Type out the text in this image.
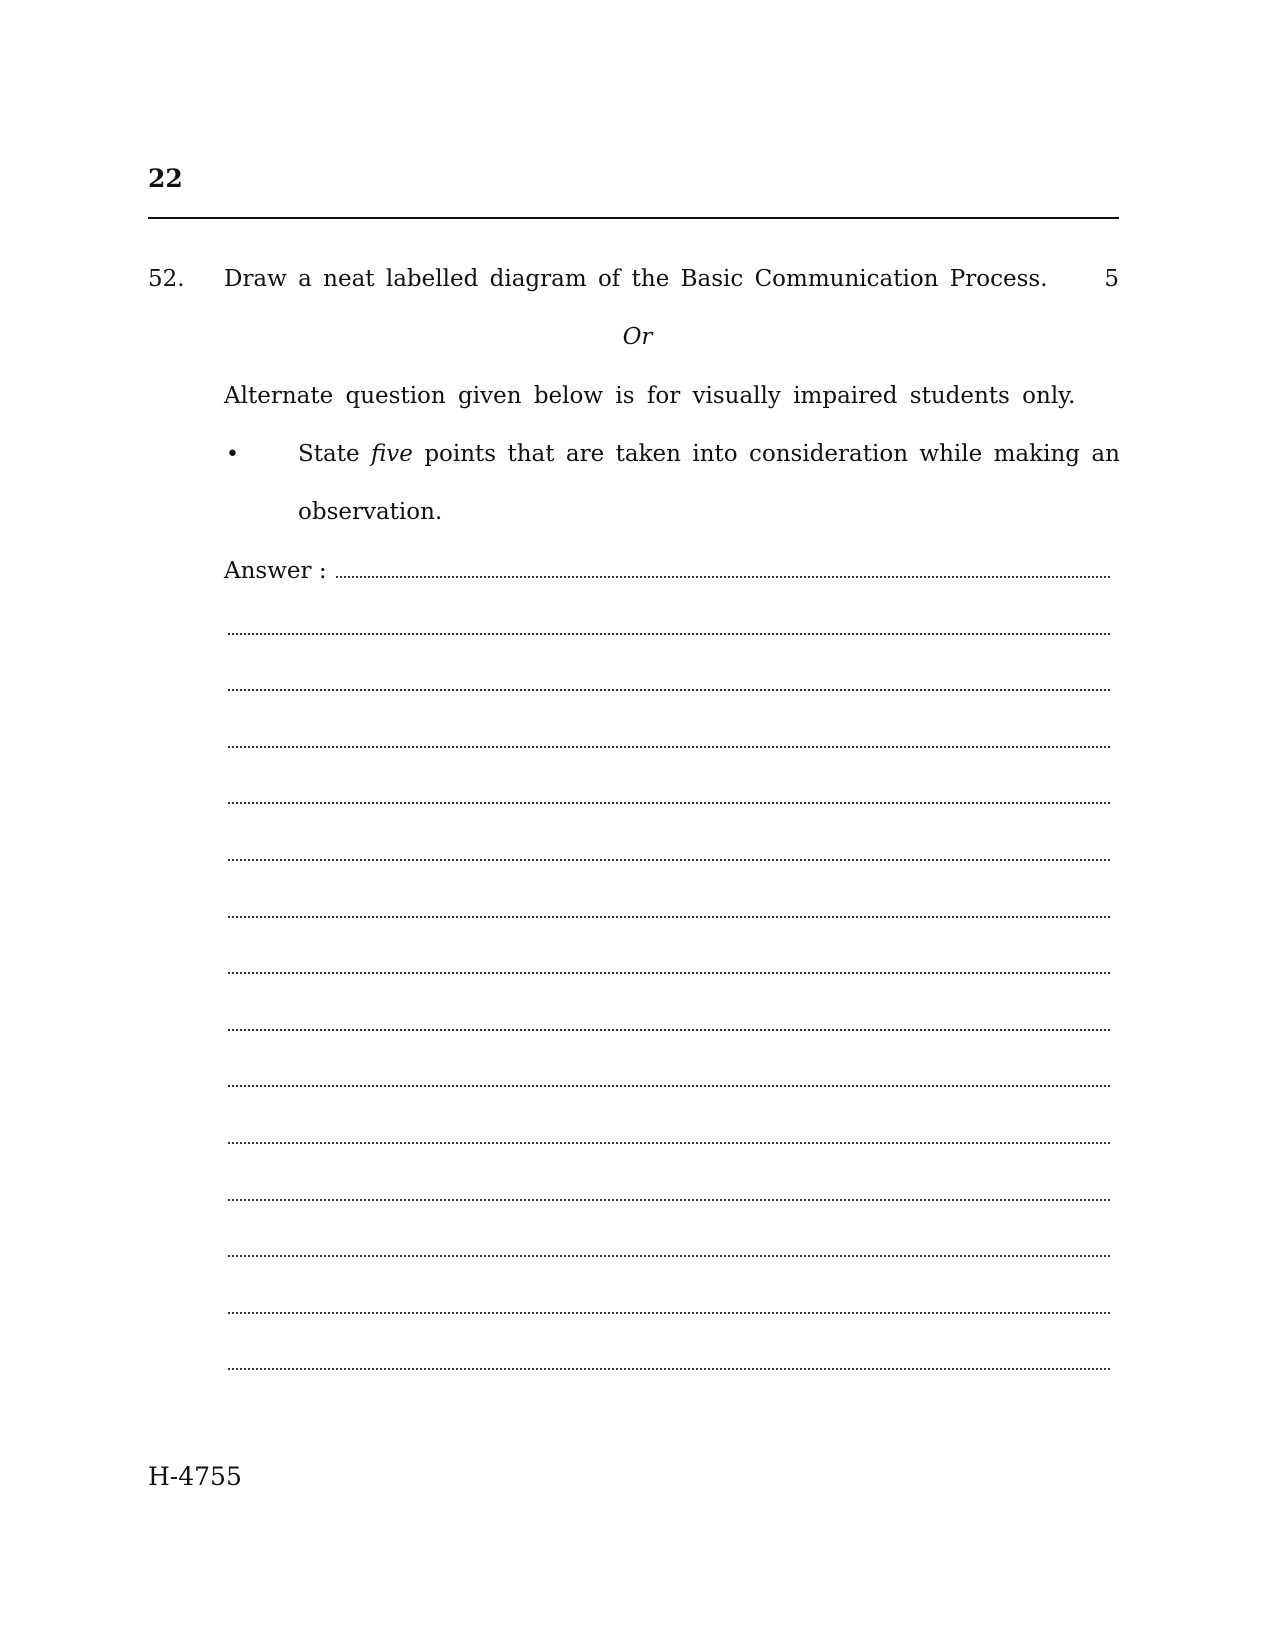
22
52. Draw a neat labelled diagram of the Basic Communication Process. 5
Or
Alternate question given below is for visually impaired students only.
•	State five points that are taken into consideration while making an
observation.
Answer :
H-4755
